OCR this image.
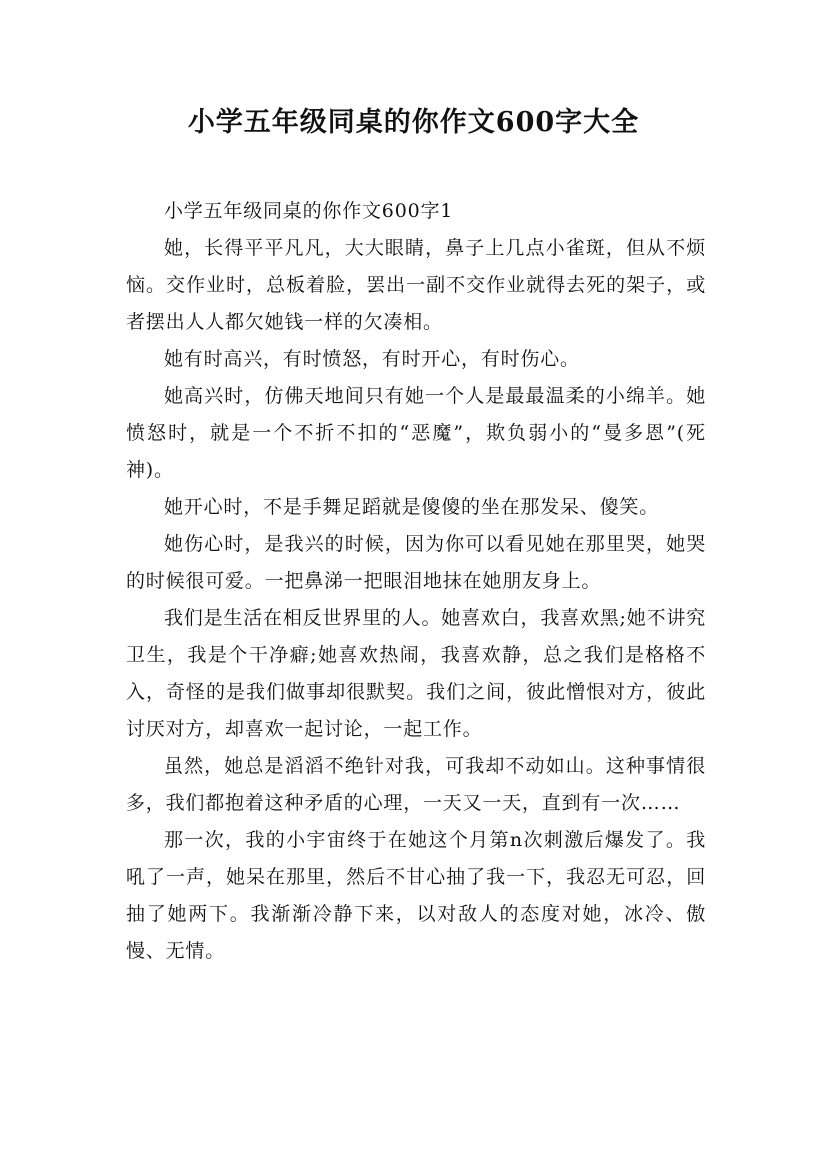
小学五年级同桌的你作文600字大全

小学五年级同桌的你作文600字1

她，长得平平凡凡，大大眼睛，鼻子上几点小雀斑，但从不烦恼。交作业时，总板着脸，罢出一副不交作业就得去死的架子，或者摆出人人都欠她钱一样的欠凑相。

她有时高兴，有时愤怒，有时开心，有时伤心。

她高兴时，仿佛天地间只有她一个人是最最温柔的小绵羊。她愤怒时，就是一个不折不扣的“恶魔”，欺负弱小的“曼多恩”(死神)。

她开心时，不是手舞足蹈就是傻傻的坐在那发呆、傻笑。

她伤心时，是我兴的时候，因为你可以看见她在那里哭，她哭的时候很可爱。一把鼻涕一把眼泪地抹在她朋友身上。

我们是生活在相反世界里的人。她喜欢白，我喜欢黑;她不讲究卫生，我是个干净癖;她喜欢热闹，我喜欢静，总之我们是格格不入，奇怪的是我们做事却很默契。我们之间，彼此憎恨对方，彼此讨厌对方，却喜欢一起讨论，一起工作。

虽然，她总是滔滔不绝针对我，可我却不动如山。这种事情很多，我们都抱着这种矛盾的心理，一天又一天，直到有一次……

那一次，我的小宇宙终于在她这个月第n次刺激后爆发了。我吼了一声，她呆在那里，然后不甘心抽了我一下，我忍无可忍，回抽了她两下。我渐渐冷静下来，以对敌人的态度对她，冰冷、傲慢、无情。
